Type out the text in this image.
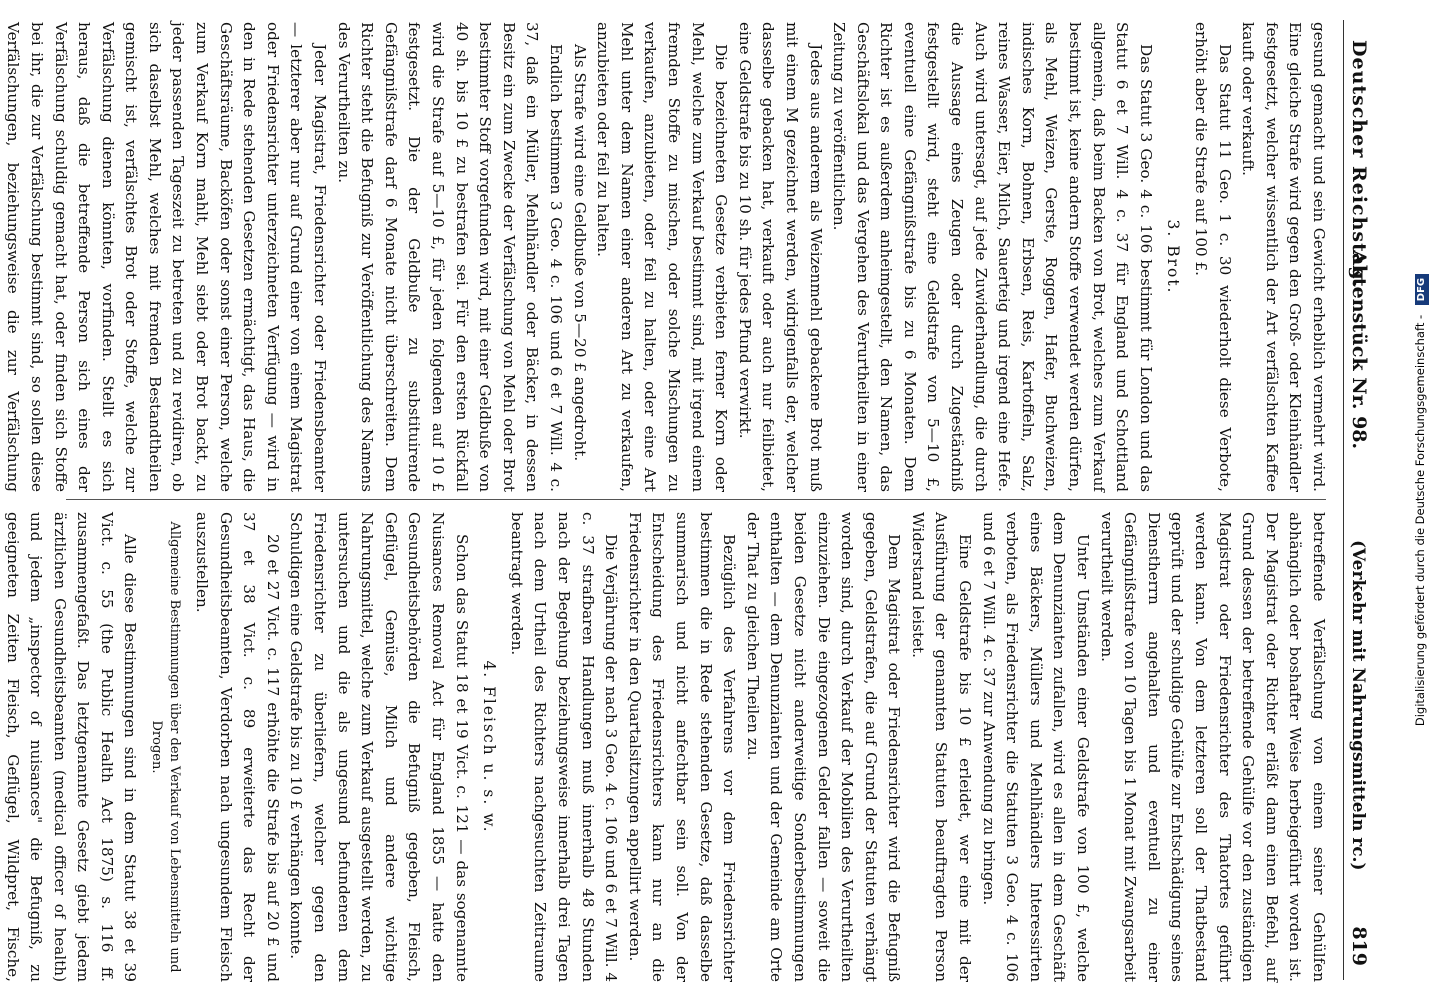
Digitalisierung gefördert durch die Deutsche Forschungsgemeinschaft - DFG
Deutscher Reichstag.
Aktenstück Nr. 98.
(Verkehr mit Nahrungsmitteln rc.)
819

gesund gemacht und sein Gewicht erheblich vermehrt wird. Eine gleiche Strafe wird gegen den Groß- oder Kleinhändler festgesetzt, welcher wissentlich der Art verfälschten Kaffee kauft oder verkauft.

Das Statut 11 Geo. 1 c. 30 wiederholt diese Verbote, erhöht aber die Strafe auf 100 £.

3. Brot.

Das Statut 3 Geo. 4 c. 106 bestimmt für London und das Statut 6 et 7 Will. 4 c. 37 für England und Schottland allgemein, daß beim Backen von Brot, welches zum Verkauf bestimmt ist, keine andern Stoffe verwendet werden dürfen, als Mehl, Weizen, Gerste, Roggen, Hafer, Buchweizen, indisches Korn, Bohnen, Erbsen, Reis, Kartoffeln, Salz, reines Wasser, Eier, Milch, Sauerteig und irgend eine Hefe. Auch wird untersagt, auf jede Zuwiderhandlung, die durch die Aussage eines Zeugen oder durch Zugeständniß festgestellt wird, steht eine Geldstrafe von 5—10 £, eventuell eine Gefängnißstrafe bis zu 6 Monaten. Dem Richter ist es außerdem anheimgestellt, den Namen, das Geschäftslokal und das Vergehen des Verurtheilten in einer Zeitung zu veröffentlichen.

Jedes aus anderem als Weizenmehl gebackene Brot muß mit einem M gezeichnet werden, widrigenfalls der, welcher dasselbe gebacken hat, verkauft oder auch nur feilbietet, eine Geldstrafe bis zu 10 sh. für jedes Pfund verwirkt.

Die bezeichneten Gesetze verbieten ferner Korn oder Mehl, welche zum Verkauf bestimmt sind, mit irgend einem fremden Stoffe zu mischen, oder solche Mischungen zu verkaufen, anzubieten, oder feil zu halten, oder eine Art Mehl unter dem Namen einer anderen Art zu verkaufen, anzubieten oder feil zu halten.

Als Strafe wird eine Geldbuße von 5—20 £ angedroht.

Endlich bestimmen 3 Geo. 4 c. 106 und 6 et 7 Will. 4 c. 37, daß ein Müller, Mehlhändler oder Bäcker, in dessen Besitz ein zum Zwecke der Verfälschung von Mehl oder Brot bestimmter Stoff vorgefunden wird, mit einer Geldbuße von 40 sh. bis 10 £ zu bestrafen sei. Für den ersten Rückfall wird die Strafe auf 5—10 £, für jeden folgenden auf 10 £ festgesetzt. Die der Geldbuße zu substituirende Gefängnißstrafe darf 6 Monate nicht überschreiten. Dem Richter steht die Befugniß zur Veröffentlichung des Namens des Verurtheilten zu.

Jeder Magistrat, Friedensrichter oder Friedensbeamter — letzterer aber nur auf Grund einer von einem Magistrat oder Friedensrichter unterzeichneten Verfügung — wird in den in Rede stehenden Gesetzen ermächtigt, das Haus, die Geschäftsräume, Backöfen oder sonst einer Person, welche zum Verkauf Korn mahlt, Mehl siebt oder Brot backt, zu jeder passenden Tageszeit zu betreten und zu revidiren, ob sich daselbst Mehl, welches mit fremden Bestandtheilen gemischt ist, verfälschtes Brot oder Stoffe, welche zur Verfälschung dienen könnten, vorfinden. Stellt es sich heraus, daß die betreffende Person sich eines der Verfälschung schuldig gemacht hat, oder finden sich Stoffe bei ihr, die zur Verfälschung bestimmt sind, so sollen diese Verfälschungen, beziehungsweise die zur Verfälschung

betreffende Verfälschung von einem seiner Gehülfen abhänglich oder boshafter Weise herbeigeführt worden ist. Der Magistrat oder Richter erläßt dann einen Befehl, auf Grund dessen der betreffende Gehülfe vor den zuständigen Magistrat oder Friedensrichter des Thatortes geführt werden kann. Von dem letzteren soll der Thatbestand geprüft und der schuldige Gehülfe zur Entschädigung seines Dienstherrn angehalten und eventuell zu einer Gefängnißstrafe von 10 Tagen bis 1 Monat mit Zwangsarbeit verurtheilt werden.

Unter Umständen einer Geldstrafe von 100 £, welche dem Denunzianten zufallen, wird es allen in dem Geschäft eines Bäckers, Müllers und Mehlhändlers Interessirten verboten, als Friedensrichter die Statuten 3 Geo. 4 c. 106 und 6 et 7 Will. 4 c. 37 zur Anwendung zu bringen.

Eine Geldstrafe bis 10 £ erleidet, wer eine mit der Ausführung der genannten Statuten beauftragten Person Widerstand leistet.

Dem Magistrat oder Friedensrichter wird die Befugniß gegeben, Geldstrafen, die auf Grund der Statuten verhängt worden sind, durch Verkauf der Mobilien des Verurtheilten einzuziehen. Die eingezogenen Gelder fallen — soweit die beiden Gesetze nicht anderweitige Sonderbestimmungen enthalten — dem Denunzianten und der Gemeinde am Orte der That zu gleichen Theilen zu.

Bezüglich des Verfahrens vor dem Friedensrichter bestimmen die in Rede stehenden Gesetze, daß dasselbe summarisch und nicht anfechtbar sein soll. Von der Entscheidung des Friedensrichters kann nur an die Friedensrichter in den Quartalsitzungen appellirt werden.

Die Verjährung der nach 3 Geo. 4 c. 106 und 6 et 7 Will. 4 c. 37 strafbaren Handlungen muß innerhalb 48 Stunden nach der Begehung beziehungsweise innerhalb drei Tagen nach dem Urtheil des Richters nachgesuchten Zeitraume beantragt werden.

4. Fleisch u. s. w.

Schon das Statut 18 et 19 Vict. c. 121 — das sogenannte Nuisances Removal Act für England 1855 — hatte den Gesundheitsbehörden die Befugniß gegeben, Fleisch, Geflügel, Gemüse, Milch und andere wichtige Nahrungsmittel, welche zum Verkauf ausgestellt werden, zu untersuchen und die als ungesund befundenen dem Friedensrichter zu überliefern, welcher gegen den Schuldigen eine Geldstrafe bis zu 10 £ verhängen konnte.

20 et 27 Vict. c. 117 erhöhte die Strafe bis auf 20 £ und 37 et 38 Vict. c. 89 erweiterte das Recht der Gesundheitsbeamten, Verdorben nach ungesundem Fleisch auszustellen.

Allgemeine Bestimmungen über den Verkauf von Lebensmitteln und Drogen.

Alle diese Bestimmungen sind in dem Statut 38 et 39 Vict. c. 55 (the Public Health Act 1875) s. 116 ff. zusammengefaßt. Das letztgenannte Gesetz giebt jedem ärztlichen Gesundheitsbeamten (medical officer of health) und jedem „inspector of nuisances" die Befugniß, zu geeigneten Zeiten Fleisch, Geflügel, Wildpret, Fische,
